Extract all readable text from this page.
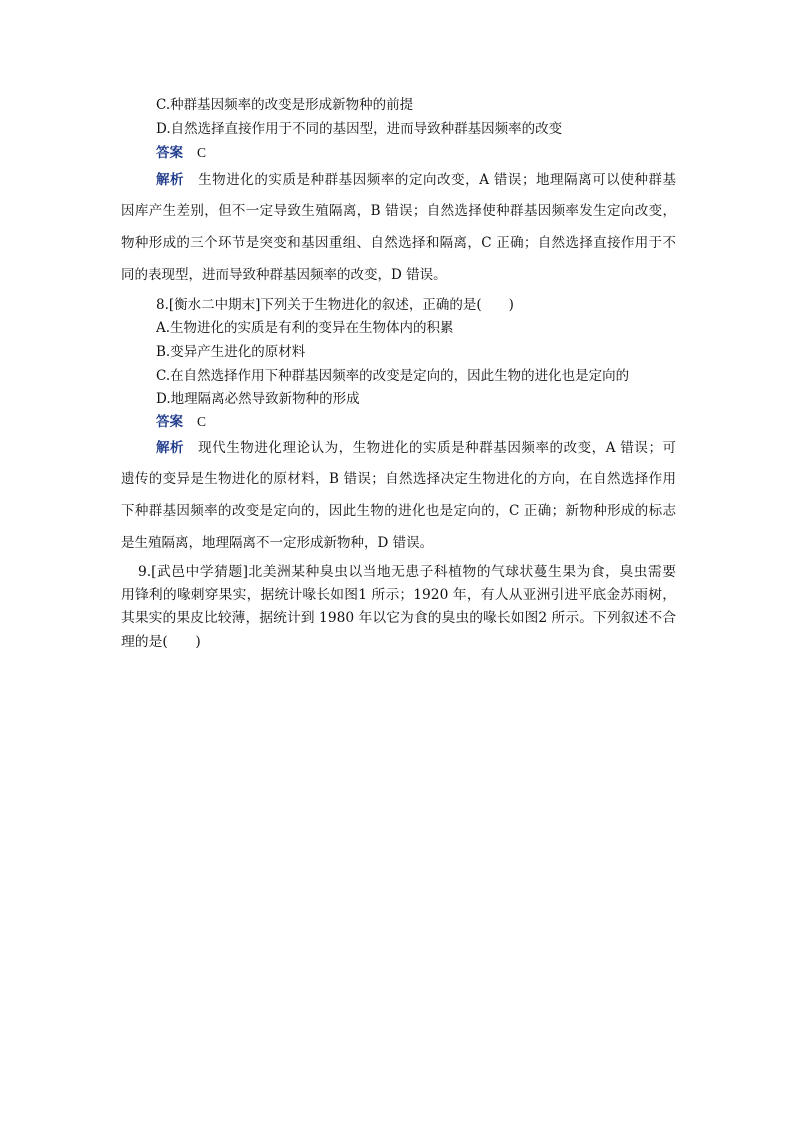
C.种群基因频率的改变是形成新物种的前提
D.自然选择直接作用于不同的基因型，进而导致种群基因频率的改变
答案 C
解析 生物进化的实质是种群基因频率的定向改变，A 错误；地理隔离可以使种群基
因库产生差别，但不一定导致生殖隔离，B 错误；自然选择使种群基因频率发生定向改变，
物种形成的三个环节是突变和基因重组、自然选择和隔离，C 正确；自然选择直接作用于不
同的表现型，进而导致种群基因频率的改变，D 错误。
8.[衡水二中期末]下列关于生物进化的叙述，正确的是(　　)
A.生物进化的实质是有利的变异在生物体内的积累
B.变异产生进化的原材料
C.在自然选择作用下种群基因频率的改变是定向的，因此生物的进化也是定向的
D.地理隔离必然导致新物种的形成
答案 C
解析 现代生物进化理论认为，生物进化的实质是种群基因频率的改变，A 错误；可
遗传的变异是生物进化的原材料，B 错误；自然选择决定生物进化的方向，在自然选择作用
下种群基因频率的改变是定向的，因此生物的进化也是定向的，C 正确；新物种形成的标志
是生殖隔离，地理隔离不一定形成新物种，D 错误。
9.[武邑中学猜题]北美洲某种臭虫以当地无患子科植物的气球状蔓生果为食，臭虫需要
用锋利的喙刺穿果实，据统计喙长如图1 所示；1920 年，有人从亚洲引进平底金苏雨树，
其果实的果皮比较薄，据统计到 1980 年以它为食的臭虫的喙长如图2 所示。下列叙述不合
理的是(　　)
